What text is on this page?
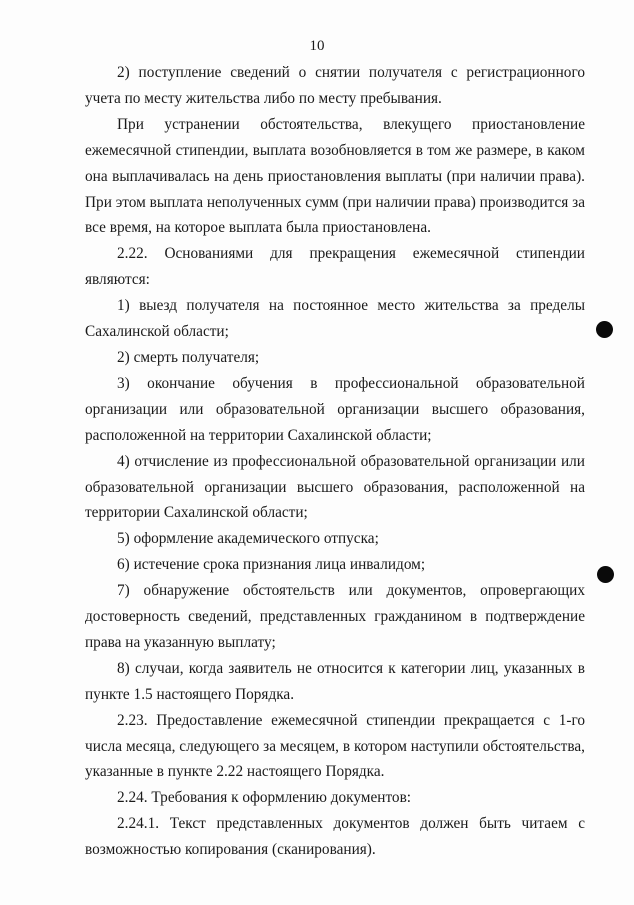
10

2) поступление сведений о снятии получателя с регистрационного учета по месту жительства либо по месту пребывания.

При устранении обстоятельства, влекущего приостановление ежемесячной стипендии, выплата возобновляется в том же размере, в каком она выплачивалась на день приостановления выплаты (при наличии права). При этом выплата неполученных сумм (при наличии права) производится за все время, на которое выплата была приостановлена.

2.22. Основаниями для прекращения ежемесячной стипендии являются:

1) выезд получателя на постоянное место жительства за пределы Сахалинской области;

2) смерть получателя;

3) окончание обучения в профессиональной образовательной организации или образовательной организации высшего образования, расположенной на территории Сахалинской области;

4) отчисление из профессиональной образовательной организации или образовательной организации высшего образования, расположенной на территории Сахалинской области;

5) оформление академического отпуска;

6) истечение срока признания лица инвалидом;

7) обнаружение обстоятельств или документов, опровергающих достоверность сведений, представленных гражданином в подтверждение права на указанную выплату;

8) случаи, когда заявитель не относится к категории лиц, указанных в пункте 1.5 настоящего Порядка.

2.23. Предоставление ежемесячной стипендии прекращается с 1-го числа месяца, следующего за месяцем, в котором наступили обстоятельства, указанные в пункте 2.22 настоящего Порядка.

2.24. Требования к оформлению документов:

2.24.1. Текст представленных документов должен быть читаем с возможностью копирования (сканирования).
